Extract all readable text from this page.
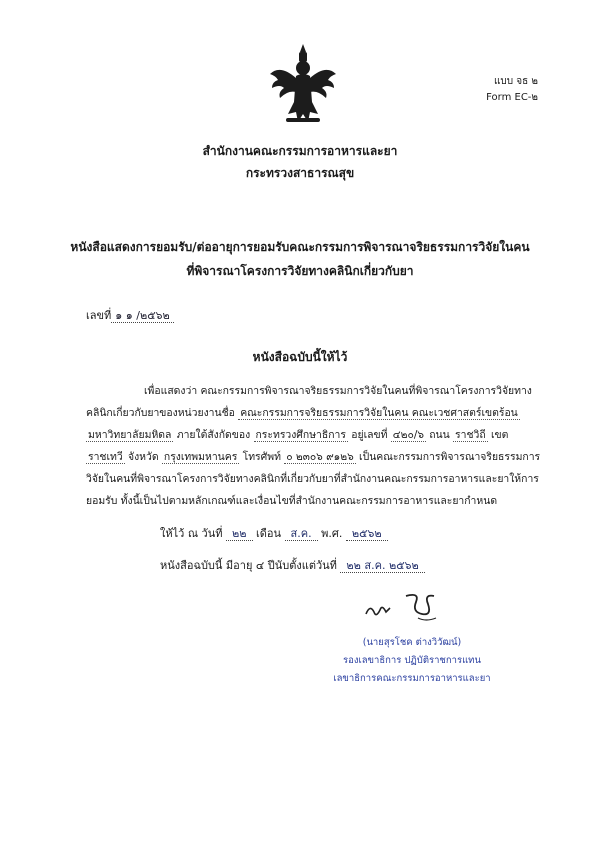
แบบ จธ ๒
Form EC-๒
สำนักงานคณะกรรมการอาหารและยา
กระทรวงสาธารณสุข
หนังสือแสดงการยอมรับ/ต่ออายุการยอมรับคณะกรรมการพิจารณาจริยธรรมการวิจัยในคน
ที่พิจารณาโครงการวิจัยทางคลินิกเกี่ยวกับยา
เลขที่ ๑ ๑ /๒๕๖๒
หนังสือฉบับนี้ให้ไว้
เพื่อแสดงว่า คณะกรรมการพิจารณาจริยธรรมการวิจัยในคนที่พิจารณาโครงการวิจัยทาง
คลินิกเกี่ยวกับยาของหน่วยงานชื่อ คณะกรรมการจริยธรรมการวิจัยในคน คณะเวชศาสตร์เขตร้อน
มหาวิทยาลัยมหิดล ภายใต้สังกัดของ กระทรวงศึกษาธิการ อยู่เลขที่ ๔๒๐/๖ ถนน ราชวิถี เขต
ราชเทวี จังหวัด กรุงเทพมหานคร โทรศัพท์ ๐ ๒๓๐๖ ๙๑๒๖ เป็นคณะกรรมการพิจารณาจริยธรรมการ
วิจัยในคนที่พิจารณาโครงการวิจัยทางคลินิกที่เกี่ยวกับยาที่สำนักงานคณะกรรมการอาหารและยาให้การ
ยอมรับ ทั้งนี้เป็นไปตามหลักเกณฑ์และเงื่อนไขที่สำนักงานคณะกรรมการอาหารและยากำหนด
ให้ไว้ ณ วันที่ ๒๒ เดือน ส.ค. พ.ศ. ๒๕๖๒
หนังสือฉบับนี้ มีอายุ ๔ ปีนับตั้งแต่วันที่ ๒๒ ส.ค. ๒๕๖๒
(นายสุรโชค ต่างวิวัฒน์)
รองเลขาธิการ ปฏิบัติราชการแทน
เลขาธิการคณะกรรมการอาหารและยา
